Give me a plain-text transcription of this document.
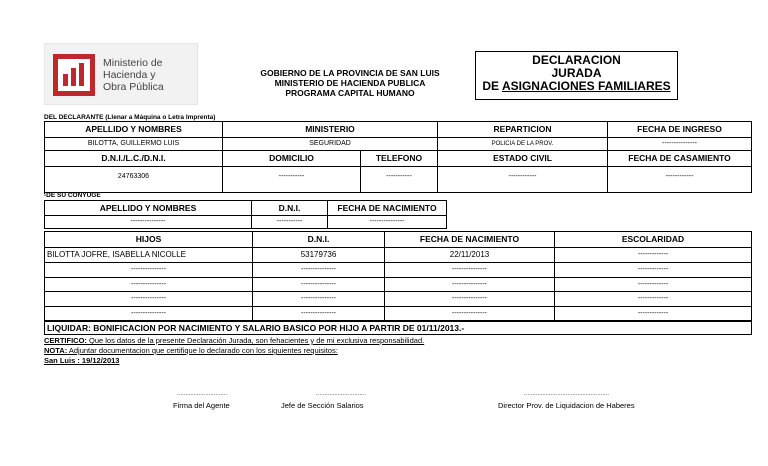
Ministerio de
Hacienda y
Obra Pública
GOBIERNO DE LA PROVINCIA DE SAN LUIS
MINISTERIO DE HACIENDA PUBLICA
PROGRAMA CAPITAL HUMANO
DECLARACION
JURADA
DE ASIGNACIONES FAMILIARES
DEL DECLARANTE (Llenar a Máquina o Letra Imprenta)
APELLIDO Y NOMBRES	MINISTERIO	REPARTICION	FECHA DE INGRESO
BILOTTA, GUILLERMO LUIS	SEGURIDAD	POLICIA DE LA PROV.	---------------
D.N.I./L.C./D.N.I.	DOMICILIO	TELEFONO	ESTADO CIVIL	FECHA DE CASAMIENTO
24763306	-----------	-----------	------------	------------
-DE SU CONYUGE
APELLIDO Y NOMBRES	D.N.I.	FECHA DE NACIMIENTO
---------------	-----------	---------------
HIJOS	D.N.I.	FECHA DE NACIMIENTO	ESCOLARIDAD
BILOTTA JOFRE, ISABELLA NICOLLE	53179736	22/11/2013	-------------
---------------	---------------	---------------	-------------
---------------	---------------	---------------	-------------
---------------	---------------	---------------	-------------
---------------	---------------	---------------	-------------
LIQUIDAR: BONIFICACION POR NACIMIENTO Y SALARIO BASICO POR HIJO A PARTIR DE 01/11/2013.-
CERTIFICO: Que los datos de la presente Declaración Jurada, son fehacientes y de mi exclusiva responsabilidad.
NOTA: Adjuntar documentacion que certifique lo declarado con los siguientes requisitos:
San Luis : 19/12/2013
..............................
Firma del Agente
..............................
Jefe de Sección Salarios
...................................................
Director Prov. de Liquidacion de Haberes
